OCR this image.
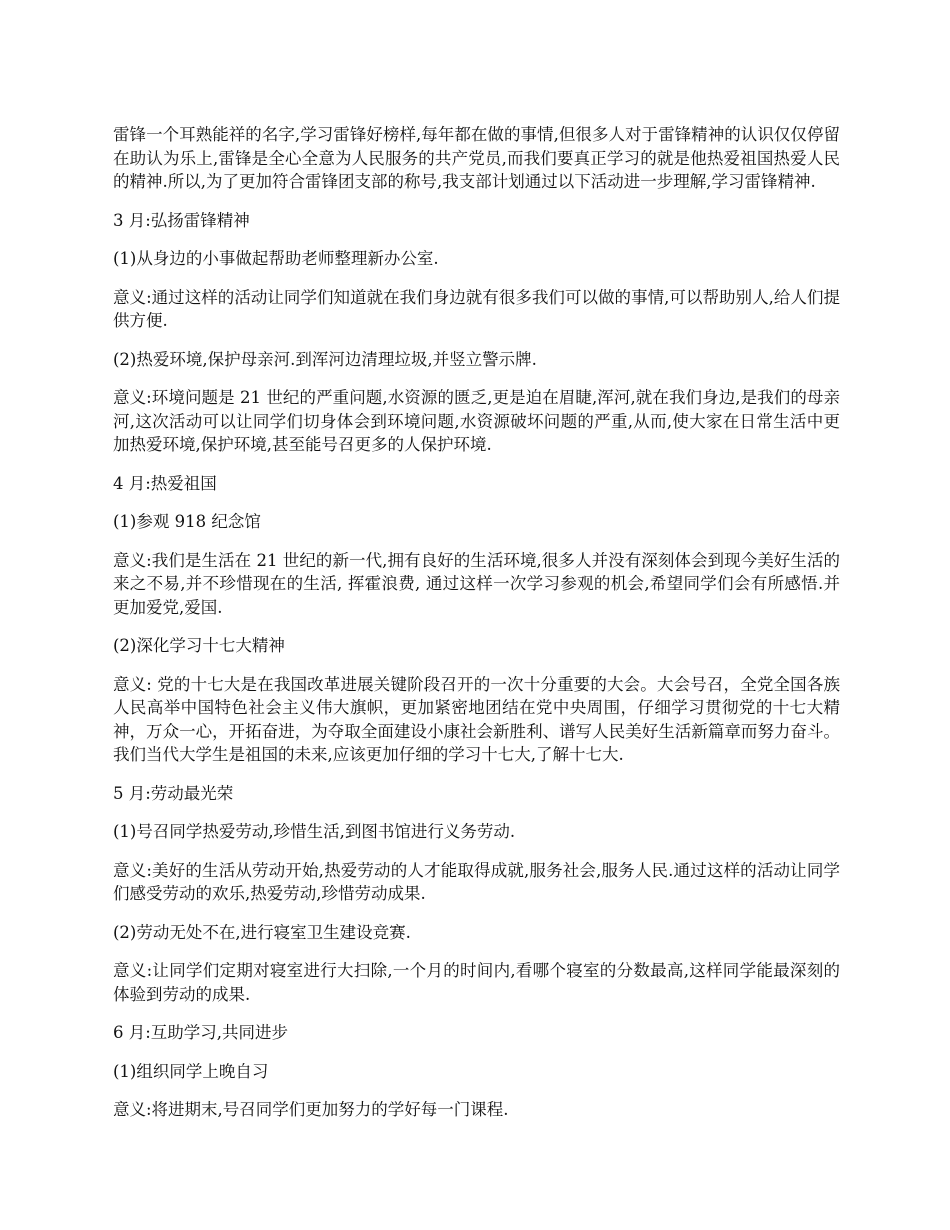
雷锋一个耳熟能祥的名字,学习雷锋好榜样,每年都在做的事情,但很多人对于雷锋精神的认识仅仅停留在助认为乐上,雷锋是全心全意为人民服务的共产党员,而我们要真正学习的就是他热爱祖国热爱人民的精神.所以,为了更加符合雷锋团支部的称号,我支部计划通过以下活动进一步理解,学习雷锋精神.

3 月:弘扬雷锋精神

(1)从身边的小事做起帮助老师整理新办公室.

意义:通过这样的活动让同学们知道就在我们身边就有很多我们可以做的事情,可以帮助别人,给人们提供方便.

(2)热爱环境,保护母亲河.到浑河边清理垃圾,并竖立警示牌.

意义:环境问题是 21 世纪的严重问题,水资源的匮乏,更是迫在眉睫,浑河,就在我们身边,是我们的母亲河,这次活动可以让同学们切身体会到环境问题,水资源破坏问题的严重,从而,使大家在日常生活中更加热爱环境,保护环境,甚至能号召更多的人保护环境.

4 月:热爱祖国

(1)参观 918 纪念馆

意义:我们是生活在 21 世纪的新一代,拥有良好的生活环境,很多人并没有深刻体会到现今美好生活的来之不易,并不珍惜现在的生活, 挥霍浪费, 通过这样一次学习参观的机会,希望同学们会有所感悟.并更加爱党,爱国.

(2)深化学习十七大精神

意义: 党的十七大是在我国改革进展关键阶段召开的一次十分重要的大会。大会号召，全党全国各族人民高举中国特色社会主义伟大旗帜，更加紧密地团结在党中央周围，仔细学习贯彻党的十七大精神，万众一心，开拓奋进，为夺取全面建设小康社会新胜利、谱写人民美好生活新篇章而努力奋斗。我们当代大学生是祖国的未来,应该更加仔细的学习十七大,了解十七大.

5 月:劳动最光荣

(1)号召同学热爱劳动,珍惜生活,到图书馆进行义务劳动.

意义:美好的生活从劳动开始,热爱劳动的人才能取得成就,服务社会,服务人民.通过这样的活动让同学们感受劳动的欢乐,热爱劳动,珍惜劳动成果.

(2)劳动无处不在,进行寝室卫生建设竞赛.

意义:让同学们定期对寝室进行大扫除,一个月的时间内,看哪个寝室的分数最高,这样同学能最深刻的体验到劳动的成果.

6 月:互助学习,共同进步

(1)组织同学上晚自习

意义:将进期末,号召同学们更加努力的学好每一门课程.
